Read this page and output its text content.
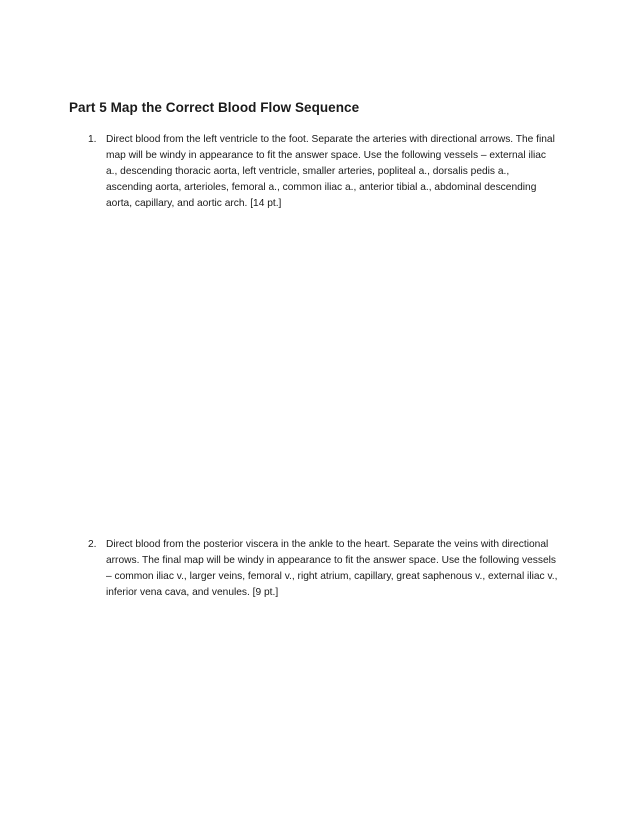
Part 5 Map the Correct Blood Flow Sequence
1. Direct blood from the left ventricle to the foot. Separate the arteries with directional arrows. The final map will be windy in appearance to fit the answer space. Use the following vessels – external iliac a., descending thoracic aorta, left ventricle, smaller arteries, popliteal a., dorsalis pedis a., ascending aorta, arterioles, femoral a., common iliac a., anterior tibial a., abdominal descending aorta, capillary, and aortic arch. [14 pt.]

2. Direct blood from the posterior viscera in the ankle to the heart. Separate the veins with directional arrows. The final map will be windy in appearance to fit the answer space. Use the following vessels – common iliac v., larger veins, femoral v., right atrium, capillary, great saphenous v., external iliac v., inferior vena cava, and venules. [9 pt.]
